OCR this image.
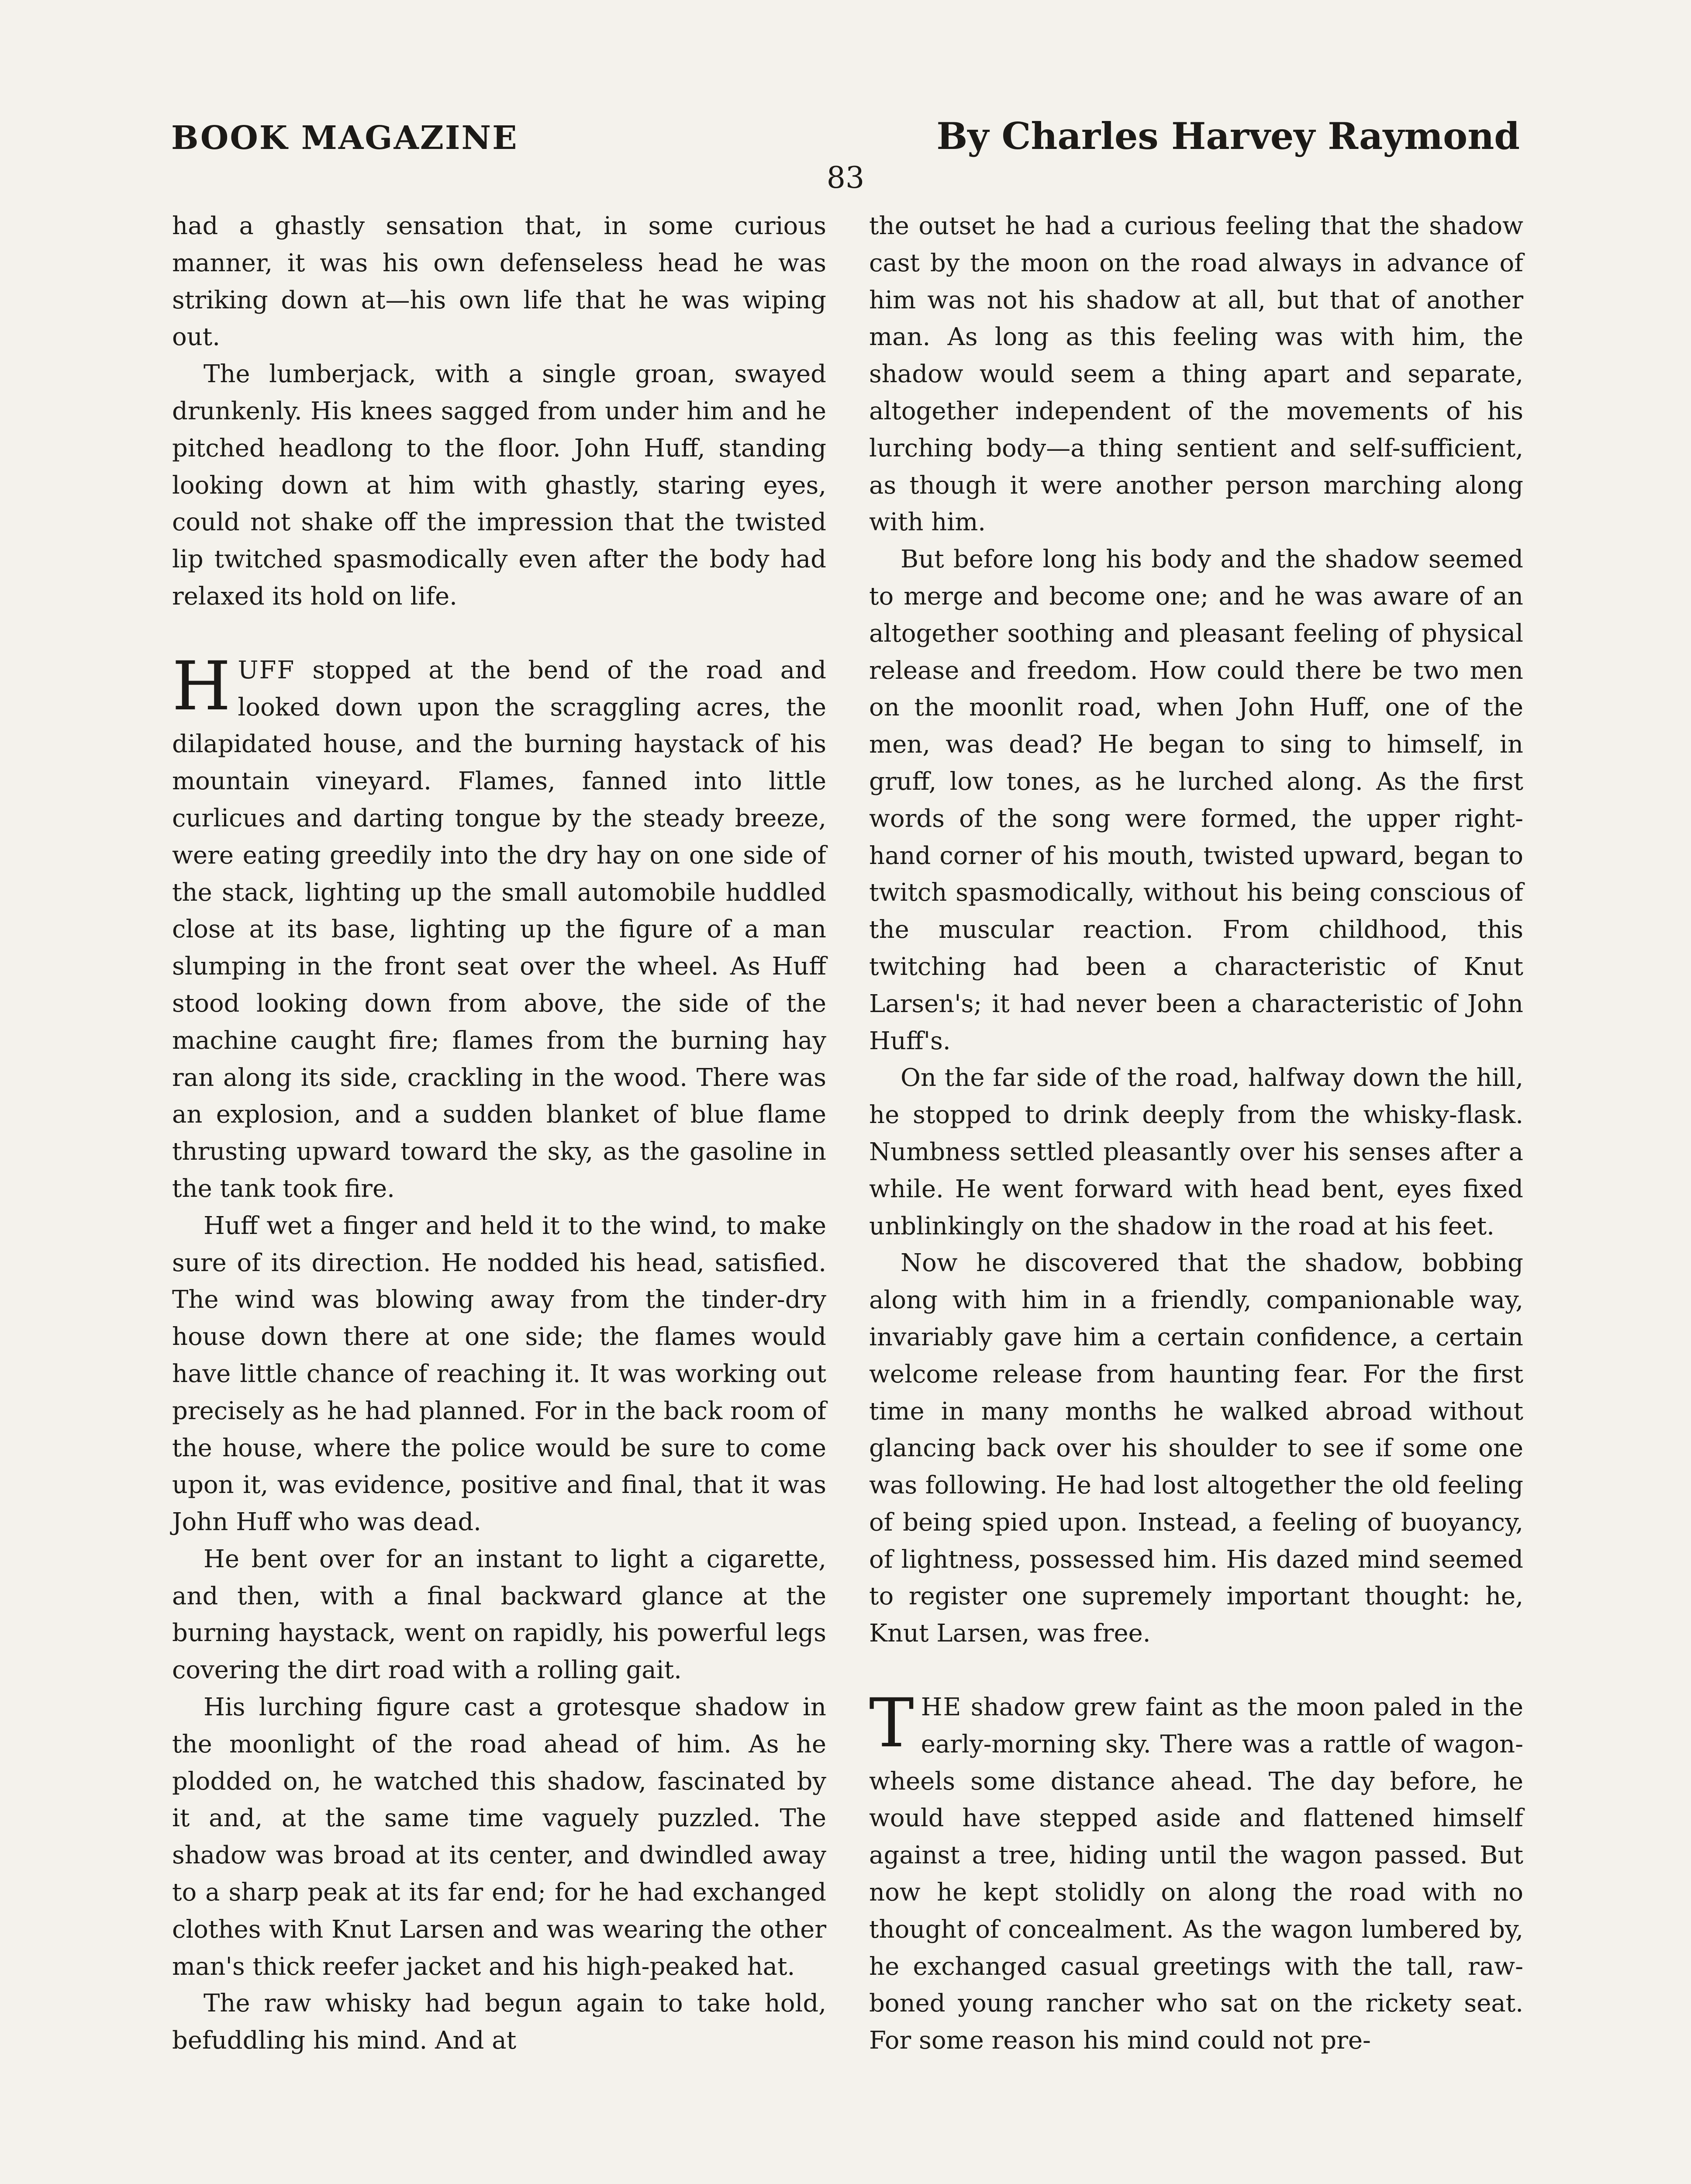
BOOK MAGAZINE	By Charles Harvey Raymond
83

had a ghastly sensation that, in some curious manner, it was his own defenseless head he was striking down at—his own life that he was wiping out.

The lumberjack, with a single groan, swayed drunkenly. His knees sagged from under him and he pitched headlong to the floor. John Huff, standing looking down at him with ghastly, staring eyes, could not shake off the impression that the twisted lip twitched spasmodically even after the body had relaxed its hold on life.

HUFF stopped at the bend of the road and looked down upon the scraggling acres, the dilapidated house, and the burning haystack of his mountain vineyard. Flames, fanned into little curlicues and darting tongue by the steady breeze, were eating greedily into the dry hay on one side of the stack, lighting up the small automobile huddled close at its base, lighting up the figure of a man slumping in the front seat over the wheel. As Huff stood looking down from above, the side of the machine caught fire; flames from the burning hay ran along its side, crackling in the wood. There was an explosion, and a sudden blanket of blue flame thrusting upward toward the sky, as the gasoline in the tank took fire.

Huff wet a finger and held it to the wind, to make sure of its direction. He nodded his head, satisfied. The wind was blowing away from the tinder-dry house down there at one side; the flames would have little chance of reaching it. It was working out precisely as he had planned. For in the back room of the house, where the police would be sure to come upon it, was evidence, positive and final, that it was John Huff who was dead.

He bent over for an instant to light a cigarette, and then, with a final backward glance at the burning haystack, went on rapidly, his powerful legs covering the dirt road with a rolling gait.

His lurching figure cast a grotesque shadow in the moonlight of the road ahead of him. As he plodded on, he watched this shadow, fascinated by it and, at the same time vaguely puzzled. The shadow was broad at its center, and dwindled away to a sharp peak at its far end; for he had exchanged clothes with Knut Larsen and was wearing the other man's thick reefer jacket and his high-peaked hat.

The raw whisky had begun again to take hold, befuddling his mind. And at

the outset he had a curious feeling that the shadow cast by the moon on the road always in advance of him was not his shadow at all, but that of another man. As long as this feeling was with him, the shadow would seem a thing apart and separate, altogether independent of the movements of his lurching body—a thing sentient and self-sufficient, as though it were another person marching along with him.

But before long his body and the shadow seemed to merge and become one; and he was aware of an altogether soothing and pleasant feeling of physical release and freedom. How could there be two men on the moonlit road, when John Huff, one of the men, was dead? He began to sing to himself, in gruff, low tones, as he lurched along. As the first words of the song were formed, the upper right-hand corner of his mouth, twisted upward, began to twitch spasmodically, without his being conscious of the muscular reaction. From childhood, this twitching had been a characteristic of Knut Larsen's; it had never been a characteristic of John Huff's.

On the far side of the road, halfway down the hill, he stopped to drink deeply from the whisky-flask. Numbness settled pleasantly over his senses after a while. He went forward with head bent, eyes fixed unblinkingly on the shadow in the road at his feet.

Now he discovered that the shadow, bobbing along with him in a friendly, companionable way, invariably gave him a certain confidence, a certain welcome release from haunting fear. For the first time in many months he walked abroad without glancing back over his shoulder to see if some one was following. He had lost altogether the old feeling of being spied upon. Instead, a feeling of buoyancy, of lightness, possessed him. His dazed mind seemed to register one supremely important thought: he, Knut Larsen, was free.

THE shadow grew faint as the moon paled in the early-morning sky. There was a rattle of wagon-wheels some distance ahead. The day before, he would have stepped aside and flattened himself against a tree, hiding until the wagon passed. But now he kept stolidly on along the road with no thought of concealment. As the wagon lumbered by, he exchanged casual greetings with the tall, raw-boned young rancher who sat on the rickety seat. For some reason his mind could not pre-
